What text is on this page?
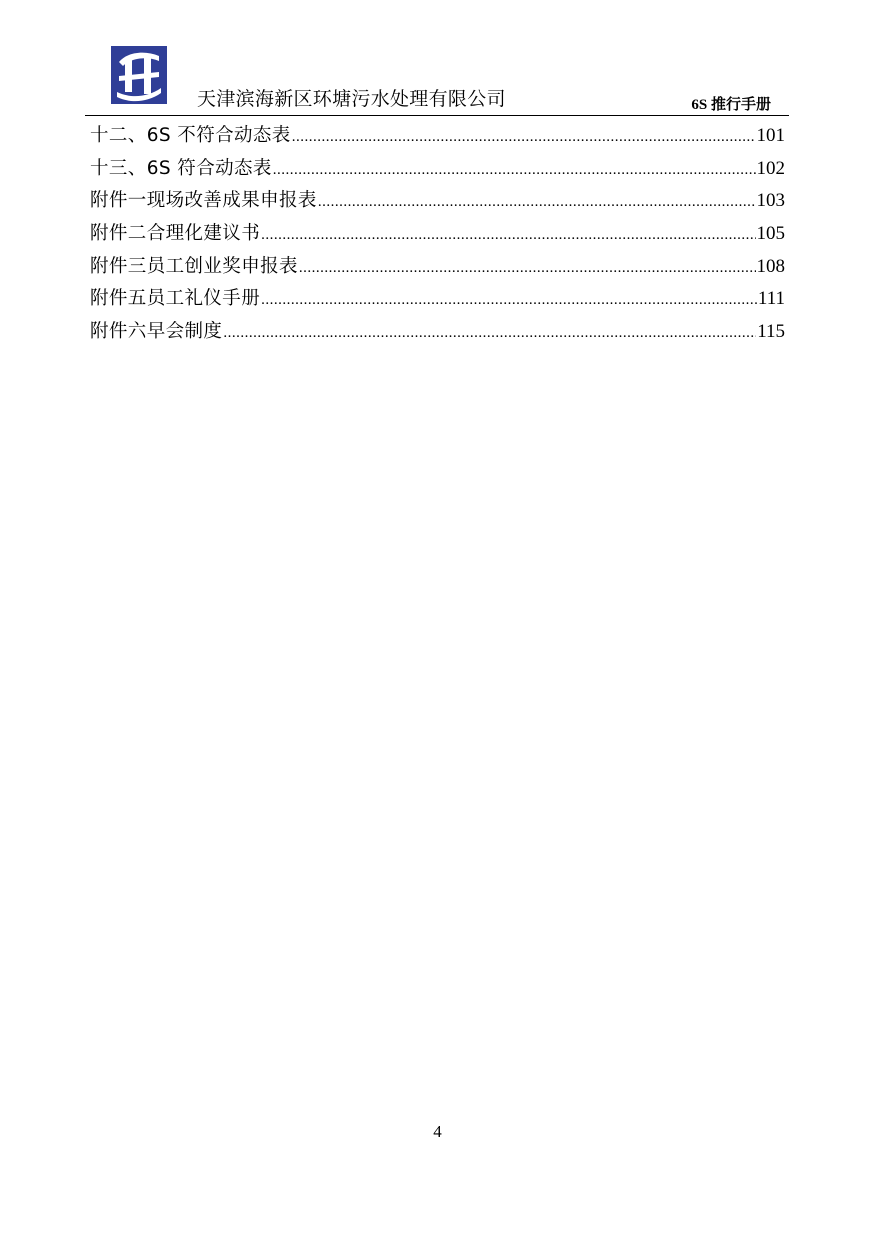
天津滨海新区环塘污水处理有限公司	6S 推行手册
十二、6S 不符合动态表 .....	101
十三、6S 符合动态表 .....	102
附件一现场改善成果申报表 .....	103
附件二合理化建议书 .....	105
附件三员工创业奖申报表 .....	108
附件五员工礼仪手册 .....	111
附件六早会制度 .....	115
4
